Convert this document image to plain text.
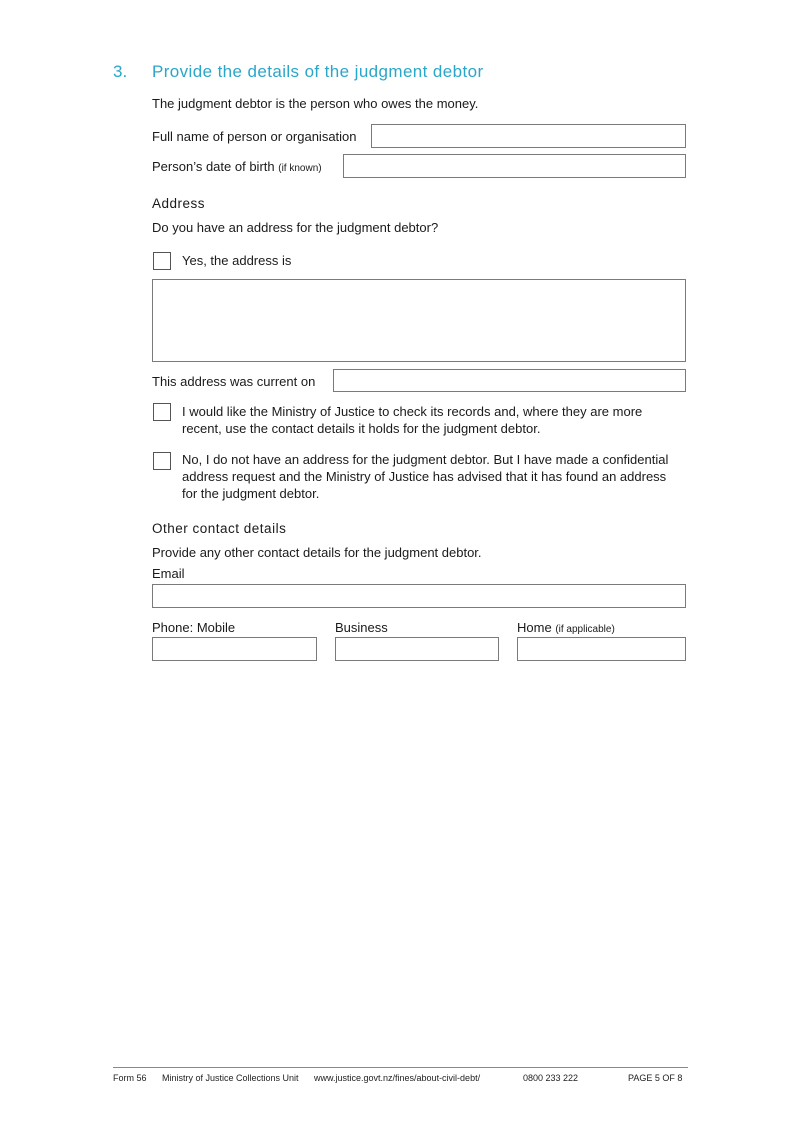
3. Provide the details of the judgment debtor
The judgment debtor is the person who owes the money.
Full name of person or organisation
Person’s date of birth (if known)
Address
Do you have an address for the judgment debtor?
Yes, the address is
This address was current on
I would like the Ministry of Justice to check its records and, where they are more recent, use the contact details it holds for the judgment debtor.
No, I do not have an address for the judgment debtor. But I have made a confidential address request and the Ministry of Justice has advised that it has found an address for the judgment debtor.
Other contact details
Provide any other contact details for the judgment debtor.
Email
Phone: Mobile	Business	Home (if applicable)
Form 56 Ministry of Justice Collections Unit www.justice.govt.nz/fines/about-civil-debt/	0800 233 222	PAGE 5 OF 8
